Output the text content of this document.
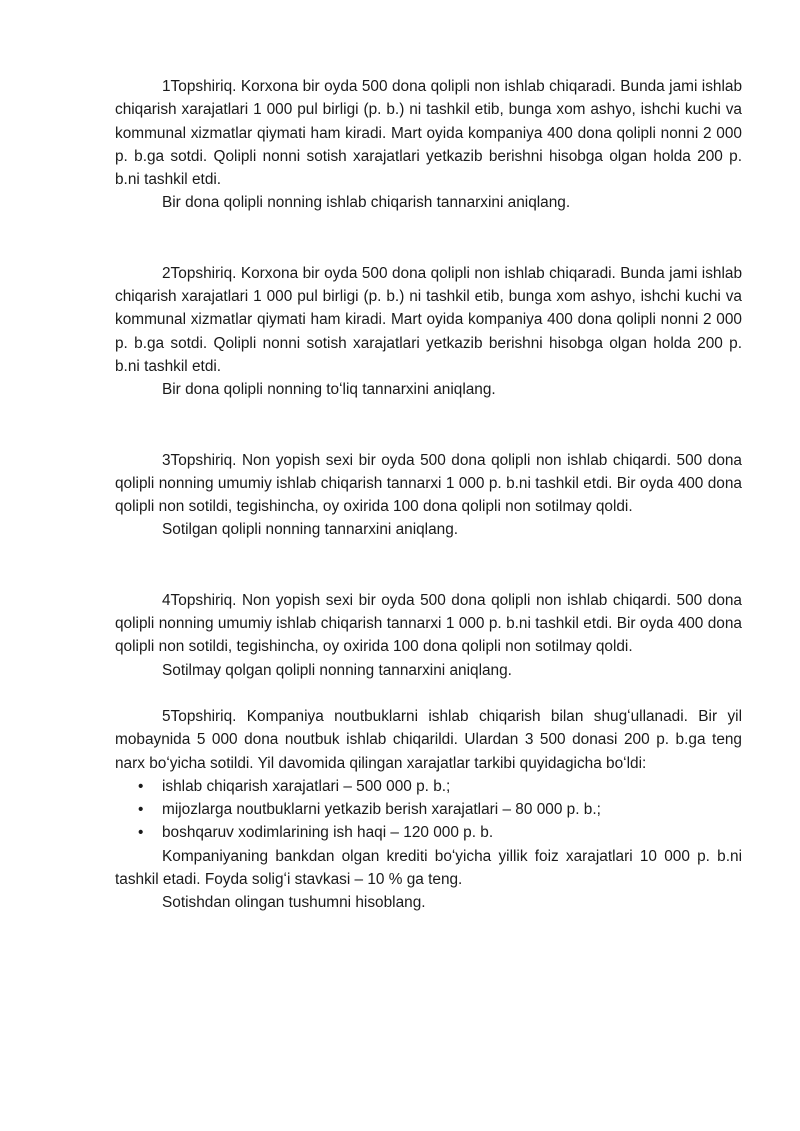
1Topshiriq. Korxona bir oyda 500 dona qolipli non ishlab chiqaradi. Bunda jami ishlab chiqarish xarajatlari 1 000 pul birligi (p. b.) ni tashkil etib, bunga xom ashyo, ishchi kuchi va kommunal xizmatlar qiymati ham kiradi. Mart oyida kompaniya 400 dona qolipli nonni 2 000 p. b.ga sotdi. Qolipli nonni sotish xarajatlari yetkazib berishni hisobga olgan holda 200 p. b.ni tashkil etdi.

Bir dona qolipli nonning ishlab chiqarish tannarxini aniqlang.

2Topshiriq. Korxona bir oyda 500 dona qolipli non ishlab chiqaradi. Bunda jami ishlab chiqarish xarajatlari 1 000 pul birligi (p. b.) ni tashkil etib, bunga xom ashyo, ishchi kuchi va kommunal xizmatlar qiymati ham kiradi. Mart oyida kompaniya 400 dona qolipli nonni 2 000 p. b.ga sotdi. Qolipli nonni sotish xarajatlari yetkazib berishni hisobga olgan holda 200 p. b.ni tashkil etdi.

Bir dona qolipli nonning toʻliq tannarxini aniqlang.

3Topshiriq. Non yopish sexi bir oyda 500 dona qolipli non ishlab chiqardi. 500 dona qolipli nonning umumiy ishlab chiqarish tannarxi 1 000 p. b.ni tashkil etdi. Bir oyda 400 dona qolipli non sotildi, tegishincha, oy oxirida 100 dona qolipli non sotilmay qoldi.

Sotilgan qolipli nonning tannarxini aniqlang.

4Topshiriq. Non yopish sexi bir oyda 500 dona qolipli non ishlab chiqardi. 500 dona qolipli nonning umumiy ishlab chiqarish tannarxi 1 000 p. b.ni tashkil etdi. Bir oyda 400 dona qolipli non sotildi, tegishincha, oy oxirida 100 dona qolipli non sotilmay qoldi.

Sotilmay qolgan qolipli nonning tannarxini aniqlang.

5Topshiriq. Kompaniya noutbuklarni ishlab chiqarish bilan shugʻullanadi. Bir yil mobaynida 5 000 dona noutbuk ishlab chiqarildi. Ulardan 3 500 donasi 200 p. b.ga teng narx boʻyicha sotildi. Yil davomida qilingan xarajatlar tarkibi quyidagicha boʻldi:

• ishlab chiqarish xarajatlari – 500 000 p. b.;
• mijozlarga noutbuklarni yetkazib berish xarajatlari – 80 000 p. b.;
• boshqaruv xodimlarining ish haqi – 120 000 p. b.

Kompaniyaning bankdan olgan krediti boʻyicha yillik foiz xarajatlari 10 000 p. b.ni tashkil etadi. Foyda soligʻi stavkasi – 10 % ga teng.

Sotishdan olingan tushumni hisoblang.
